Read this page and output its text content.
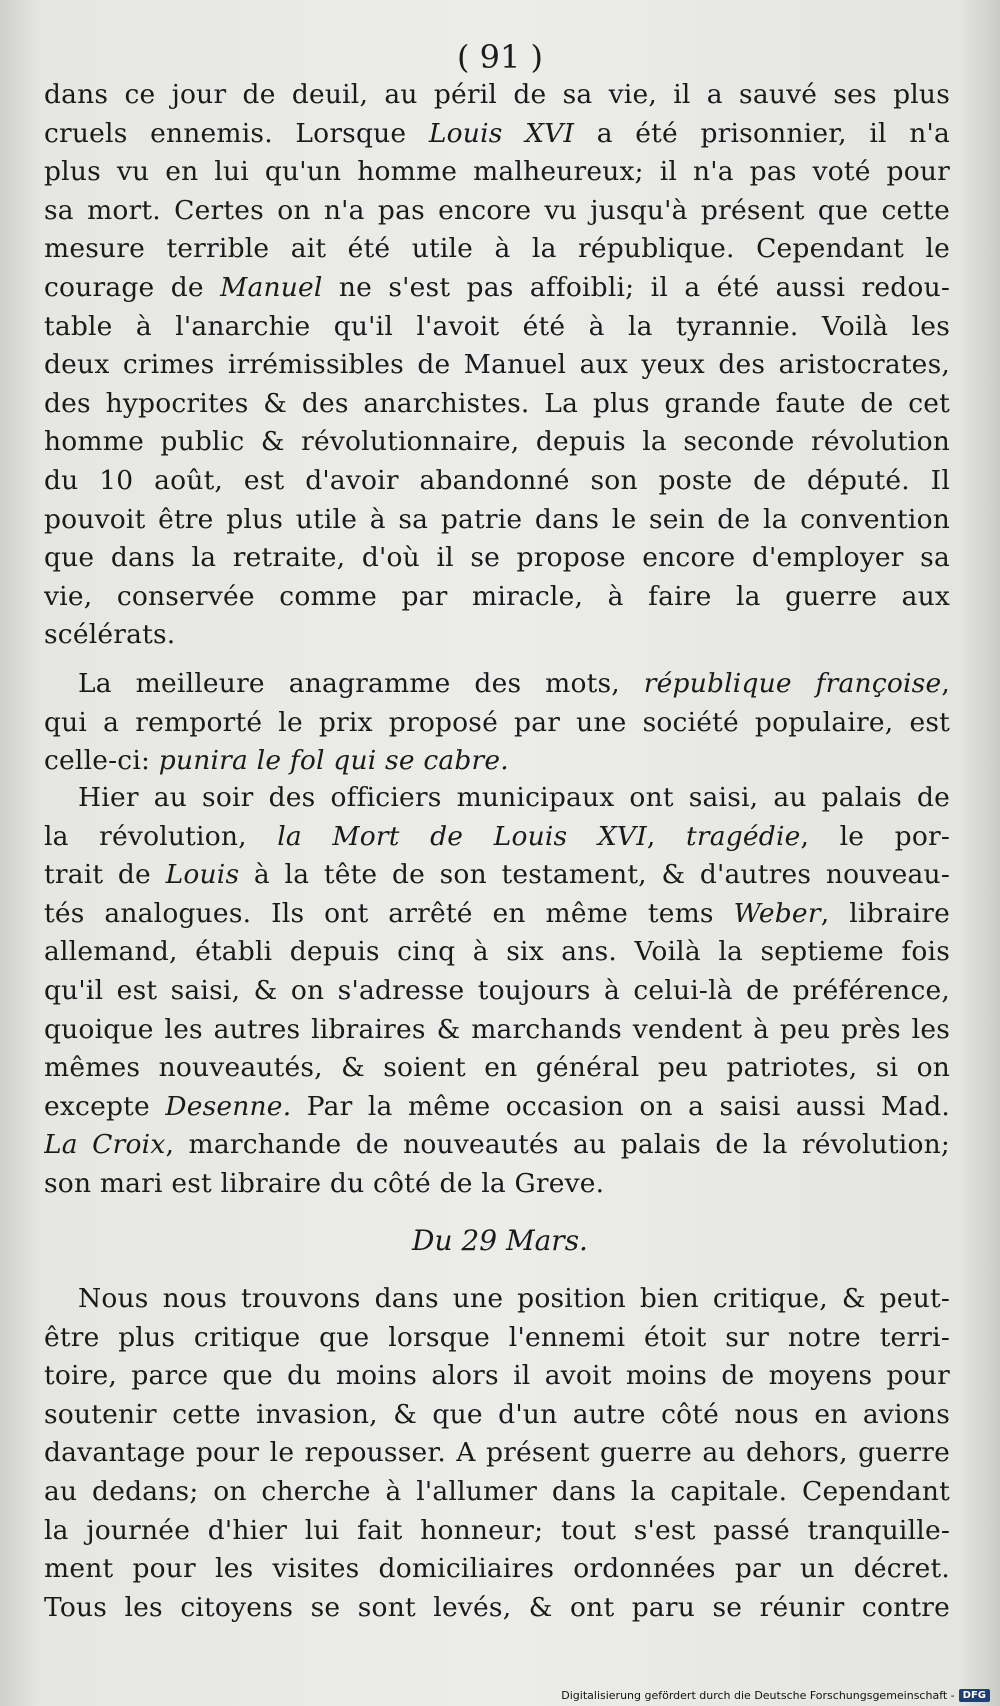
( 91 )
dans ce jour de deuil, au péril de sa vie, il a sauvé ses plus
cruels ennemis. Lorsque Louis XVI a été prisonnier, il n'a
plus vu en lui qu'un homme malheureux; il n'a pas voté pour
sa mort. Certes on n'a pas encore vu jusqu'à présent que cette
mesure terrible ait été utile à la république. Cependant le
courage de Manuel ne s'est pas affoibli; il a été aussi redou-
table à l'anarchie qu'il l'avoit été à la tyrannie. Voilà les
deux crimes irrémissibles de Manuel aux yeux des aristocrates,
des hypocrites & des anarchistes. La plus grande faute de cet
homme public & révolutionnaire, depuis la seconde révolution
du 10 août, est d'avoir abandonné son poste de député. Il
pouvoit être plus utile à sa patrie dans le sein de la convention
que dans la retraite, d'où il se propose encore d'employer sa
vie, conservée comme par miracle, à faire la guerre aux
scélérats.
La meilleure anagramme des mots, république françoise,
qui a remporté le prix proposé par une société populaire, est
celle-ci: punira le fol qui se cabre.
Hier au soir des officiers municipaux ont saisi, au palais de
la révolution, la Mort de Louis XVI, tragédie, le por-
trait de Louis à la tête de son testament, & d'autres nouveau-
tés analogues. Ils ont arrêté en même tems Weber, libraire
allemand, établi depuis cinq à six ans. Voilà la septieme fois
qu'il est saisi, & on s'adresse toujours à celui-là de préférence,
quoique les autres libraires & marchands vendent à peu près les
mêmes nouveautés, & soient en général peu patriotes, si on
excepte Desenne. Par la même occasion on a saisi aussi Mad.
La Croix, marchande de nouveautés au palais de la révolution;
son mari est libraire du côté de la Greve.
Du 29 Mars.
Nous nous trouvons dans une position bien critique, & peut-
être plus critique que lorsque l'ennemi étoit sur notre terri-
toire, parce que du moins alors il avoit moins de moyens pour
soutenir cette invasion, & que d'un autre côté nous en avions
davantage pour le repousser. A présent guerre au dehors, guerre
au dedans; on cherche à l'allumer dans la capitale. Cependant
la journée d'hier lui fait honneur; tout s'est passé tranquille-
ment pour les visites domiciliaires ordonnées par un décret.
Tous les citoyens se sont levés, & ont paru se réunir contre
Digitalisierung gefördert durch die Deutsche Forschungsgemeinschaft - DFG
